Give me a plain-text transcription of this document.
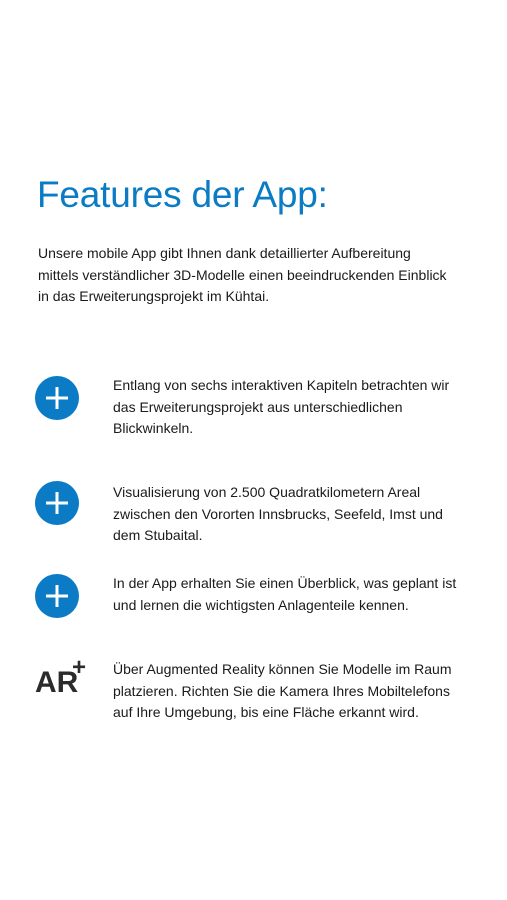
Features der App:

Unsere mobile App gibt Ihnen dank detaillierter Aufbereitung
mittels verständlicher 3D-Modelle einen beeindruckenden Einblick
in das Erweiterungsprojekt im Kühtai.

Entlang von sechs interaktiven Kapiteln betrachten wir
das Erweiterungsprojekt aus unterschiedlichen
Blickwinkeln.

Visualisierung von 2.500 Quadratkilometern Areal
zwischen den Vororten Innsbrucks, Seefeld, Imst und
dem Stubaital.

In der App erhalten Sie einen Überblick, was geplant ist
und lernen die wichtigsten Anlagenteile kennen.

AR
+ Über Augmented Reality können Sie Modelle im Raum
platzieren. Richten Sie die Kamera Ihres Mobiltelefons
auf Ihre Umgebung, bis eine Fläche erkannt wird.
